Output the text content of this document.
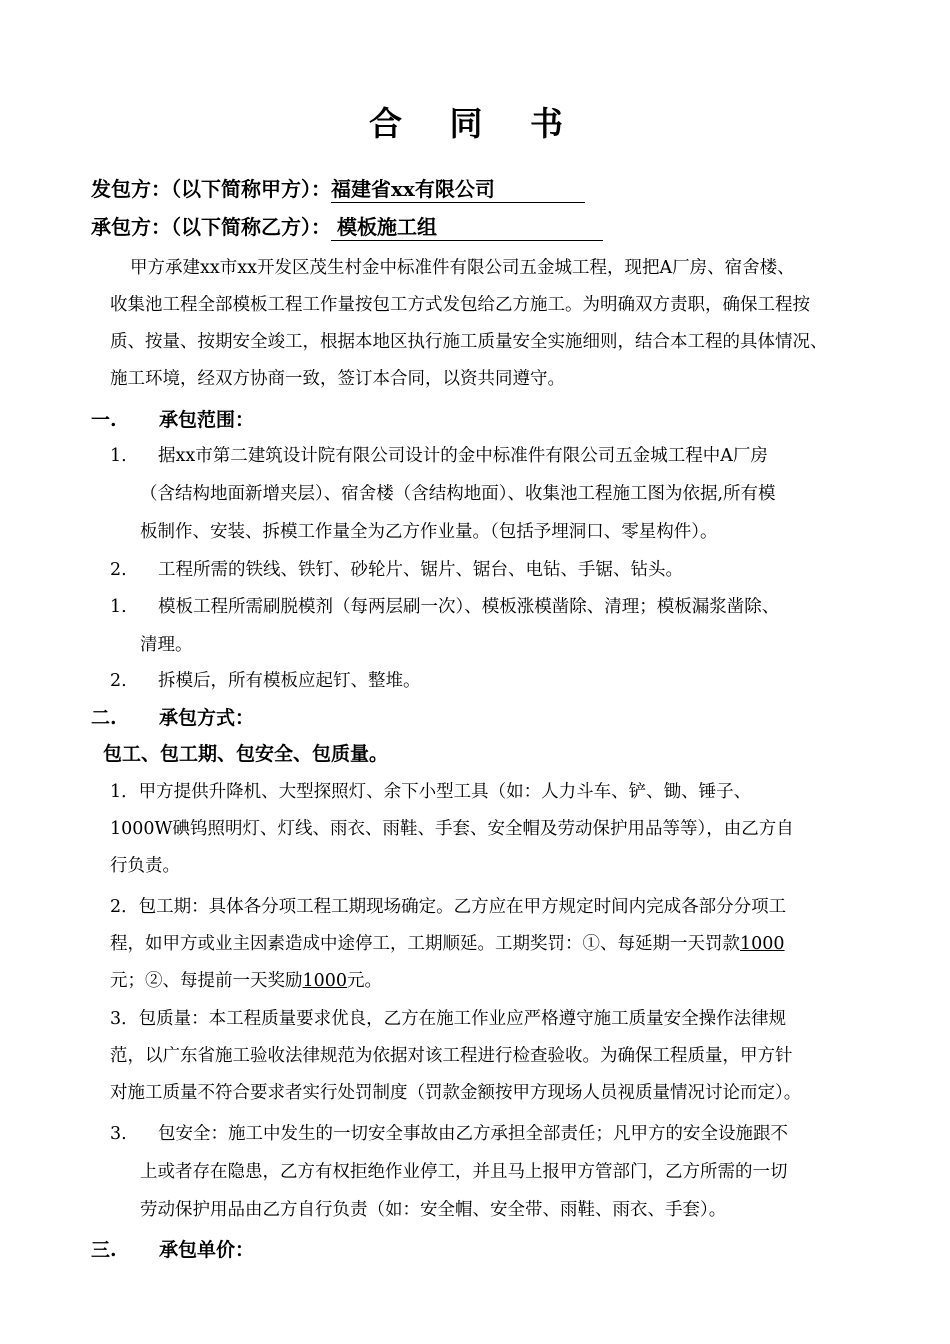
合 同 书
发包方：（以下简称甲方）：福建省xx有限公司
承包方：（以下简称乙方）： 模板施工组
甲方承建xx市xx开发区茂生村金中标准件有限公司五金城工程，现把A厂房、宿舍楼、
收集池工程全部模板工程工作量按包工方式发包给乙方施工。为明确双方责职，确保工程按
质、按量、按期安全竣工，根据本地区执行施工质量安全实施细则，结合本工程的具体情况、
施工环境，经双方协商一致，签订本合同，以资共同遵守。
一. 承包范围：
1. 据xx市第二建筑设计院有限公司设计的金中标准件有限公司五金城工程中A厂房
（含结构地面新增夹层）、宿舍楼（含结构地面）、收集池工程施工图为依据,所有模
板制作、安装、拆模工作量全为乙方作业量。（包括予埋洞口、零星构件）。
2. 工程所需的铁线、铁钉、砂轮片、锯片、锯台、电钻、手锯、钻头。
1. 模板工程所需刷脱模剂（每两层刷一次）、模板涨模凿除、清理；模板漏浆凿除、
清理。
2. 拆模后，所有模板应起钉、整堆。
二. 承包方式：
包工、包工期、包安全、包质量。
1．甲方提供升降机、大型探照灯、余下小型工具（如：人力斗车、铲、锄、锤子、
1000W碘钨照明灯、灯线、雨衣、雨鞋、手套、安全帽及劳动保护用品等等），由乙方自
行负责。
2．包工期：具体各分项工程工期现场确定。乙方应在甲方规定时间内完成各部分分项工
程，如甲方或业主因素造成中途停工，工期顺延。工期奖罚：①、每延期一天罚款1000
元；②、每提前一天奖励1000元。
3．包质量：本工程质量要求优良，乙方在施工作业应严格遵守施工质量安全操作法律规
范，以广东省施工验收法律规范为依据对该工程进行检查验收。为确保工程质量，甲方针
对施工质量不符合要求者实行处罚制度（罚款金额按甲方现场人员视质量情况讨论而定）。
3. 包安全：施工中发生的一切安全事故由乙方承担全部责任；凡甲方的安全设施跟不
上或者存在隐患，乙方有权拒绝作业停工，并且马上报甲方管部门，乙方所需的一切
劳动保护用品由乙方自行负责（如：安全帽、安全带、雨鞋、雨衣、手套）。
三. 承包单价：
